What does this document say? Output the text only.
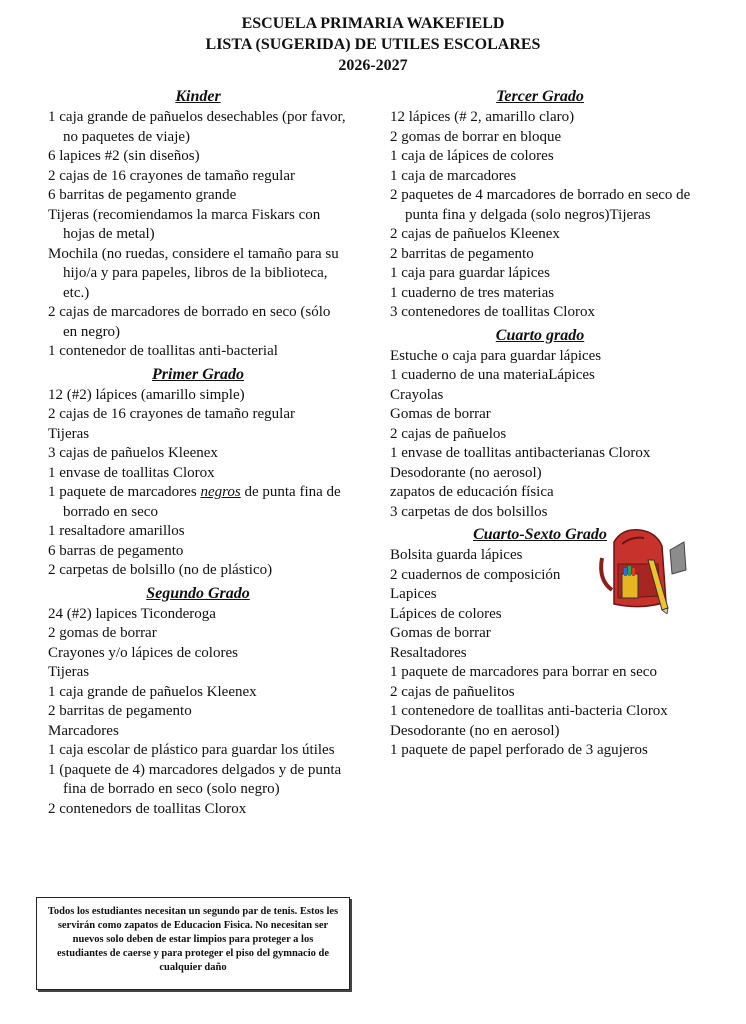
ESCUELA PRIMARIA WAKEFIELD
LISTA (SUGERIDA) DE UTILES ESCOLARES
2026-2027
Kinder
1 caja grande de pañuelos desechables (por favor, no paquetes de viaje)
6 lapices #2 (sin diseños)
2 cajas de 16 crayones de tamaño regular
6 barritas de pegamento grande
Tijeras (recomiendamos la marca Fiskars con hojas de metal)
Mochila (no ruedas, considere el tamaño para su hijo/a y para papeles, libros de la biblioteca, etc.)
2 cajas de marcadores de borrado en seco (sólo en negro)
1 contenedor de toallitas anti-bacterial
Primer Grado
12 (#2) lápices (amarillo simple)
2 cajas de 16 crayones de tamaño regular
Tijeras
3 cajas de pañuelos Kleenex
1 envase de toallitas Clorox
1 paquete de marcadores negros de punta fina de borrado en seco
1 resaltadore amarillos
6 barras de pegamento
2 carpetas de bolsillo (no de plástico)
Segundo Grado
24 (#2) lapices Ticonderoga
2 gomas de borrar
Crayones y/o lápices de colores
Tijeras
1 caja grande de pañuelos Kleenex
2 barritas de pegamento
Marcadores
1 caja escolar de plástico para guardar los útiles
1 (paquete de 4) marcadores delgados y de punta fina de borrado en seco (solo negro)
2 contenedors de toallitas Clorox
Tercer Grado
12 lápices (# 2, amarillo claro)
2 gomas de borrar en bloque
1 caja de lápices de colores
1 caja de marcadores
2 paquetes de 4 marcadores de borrado en seco de punta fina y delgada (solo negros)Tijeras
2 cajas de pañuelos Kleenex
2 barritas de pegamento
1 caja para guardar lápices
1 cuaderno de tres materias
3 contenedores de toallitas Clorox
Cuarto grado
Estuche o caja para guardar lápices
1 cuaderno de una materiaLápices
Crayolas
Gomas de borrar
2 cajas de pañuelos
1 envase de toallitas antibacterianas Clorox
Desodorante (no aerosol)
zapatos de educación física
3 carpetas de dos bolsillos
Cuarto-Sexto Grado
Bolsita guarda lápices
2 cuadernos de composición
Lapices
Lápices de colores
Gomas de borrar
Resaltadores
1 paquete de marcadores para borrar en seco
2 cajas de pañuelitos
1 contenedore de toallitas anti-bacteria Clorox
Desodorante (no en aerosol)
1 paquete de papel perforado de 3 agujeros
Todos los estudiantes necesitan un segundo par de tenis. Estos les servirán como zapatos de Educacion Fisica. No necesitan ser nuevos solo deben de estar limpios para proteger a los estudiantes de caerse y para proteger el piso del gymnacio de cualquier daño
